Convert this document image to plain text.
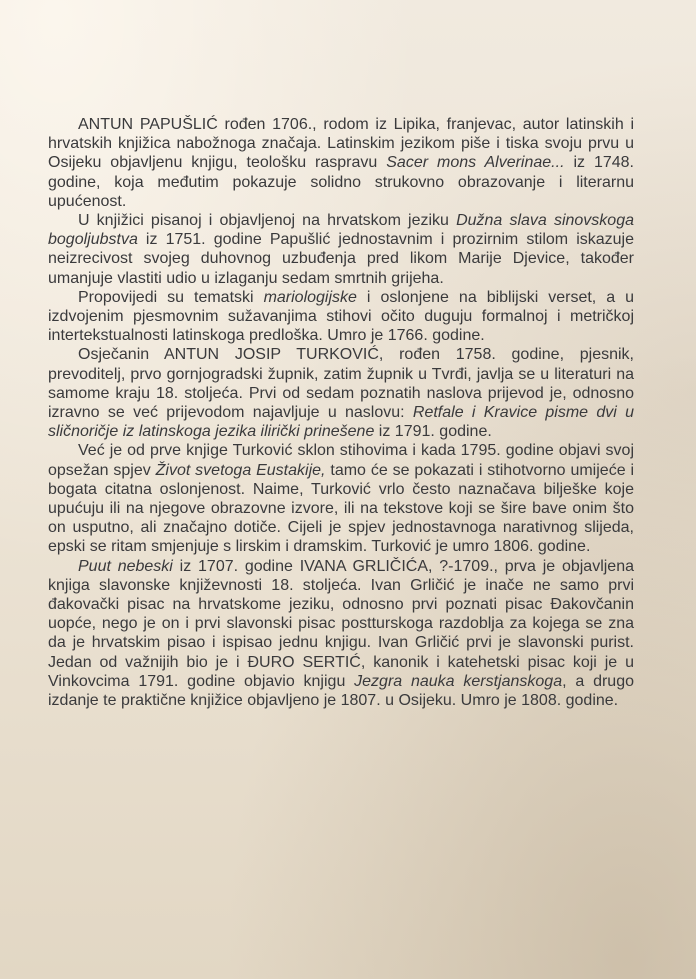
ANTUN PAPUŠLIĆ rođen 1706., rodom iz Lipika, franjevac, autor latinskih i hrvatskih knjižica nabožnoga značaja. Latinskim jezikom piše i tiska svoju prvu u Osijeku objavljenu knjigu, teološku raspravu Sacer mons Alverinae... iz 1748. godine, koja međutim pokazuje solidno strukovno obrazovanje i literarnu upućenost.

U knjižici pisanoj i objavljenoj na hrvatskom jeziku Dužna slava sinovskoga bogoljubstva iz 1751. godine Papušlić jednostavnim i prozirnim stilom iskazuje neizrecivost svojeg duhovnog uzbuđenja pred likom Marije Djevice, također umanjuje vlastiti udio u izlaganju sedam smrtnih grijeha.

Propovijedi su tematski mariologijske i oslonjene na biblijski verset, a u izdvojenim pjesmovnim sužavanjima stihovi očito duguju formalnoj i metričkoj intertekstualnosti latinskoga predloška. Umro je 1766. godine.

Osječanin ANTUN JOSIP TURKOVIĆ, rođen 1758. godine, pjesnik, prevoditelj, prvo gornjogradski župnik, zatim župnik u Tvrđi, javlja se u literaturi na samome kraju 18. stoljeća. Prvi od sedam poznatih naslova prijevod je, odnosno izravno se već prijevodom najavljuje u naslovu: Retfale i Kravice pisme dvi u sličnoričje iz latinskoga jezika ilirički prinešene iz 1791. godine.

Već je od prve knjige Turković sklon stihovima i kada 1795. godine objavi svoj opsežan spjev Život svetoga Eustakije, tamo će se pokazati i stihotvorno umijeće i bogata citatna oslonjenost. Naime, Turković vrlo često naznačava bilješke koje upućuju ili na njegove obrazovne izvore, ili na tekstove koji se šire bave onim što on usputno, ali značajno dotiče. Cijeli je spjev jednostavnoga narativnog slijeda, epski se ritam smjenjuje s lirskim i dramskim. Turković je umro 1806. godine.

Puut nebeski iz 1707. godine IVANA GRLIČIĆA, ?-1709., prva je objavljena knjiga slavonske književnosti 18. stoljeća. Ivan Grličić je inače ne samo prvi đakovački pisac na hrvatskome jeziku, odnosno prvi poznati pisac Đakovčanin uopće, nego je on i prvi slavonski pisac postturskoga razdoblja za kojega se zna da je hrvatskim pisao i ispisao jednu knjigu. Ivan Grličić prvi je slavonski purist. Jedan od važnijih bio je i ĐURO SERTIĆ, kanonik i katehetski pisac koji je u Vinkovcima 1791. godine objavio knjigu Jezgra nauka kerstjanskoga, a drugo izdanje te praktične knjižice objavljeno je 1807. u Osijeku. Umro je 1808. godine.
